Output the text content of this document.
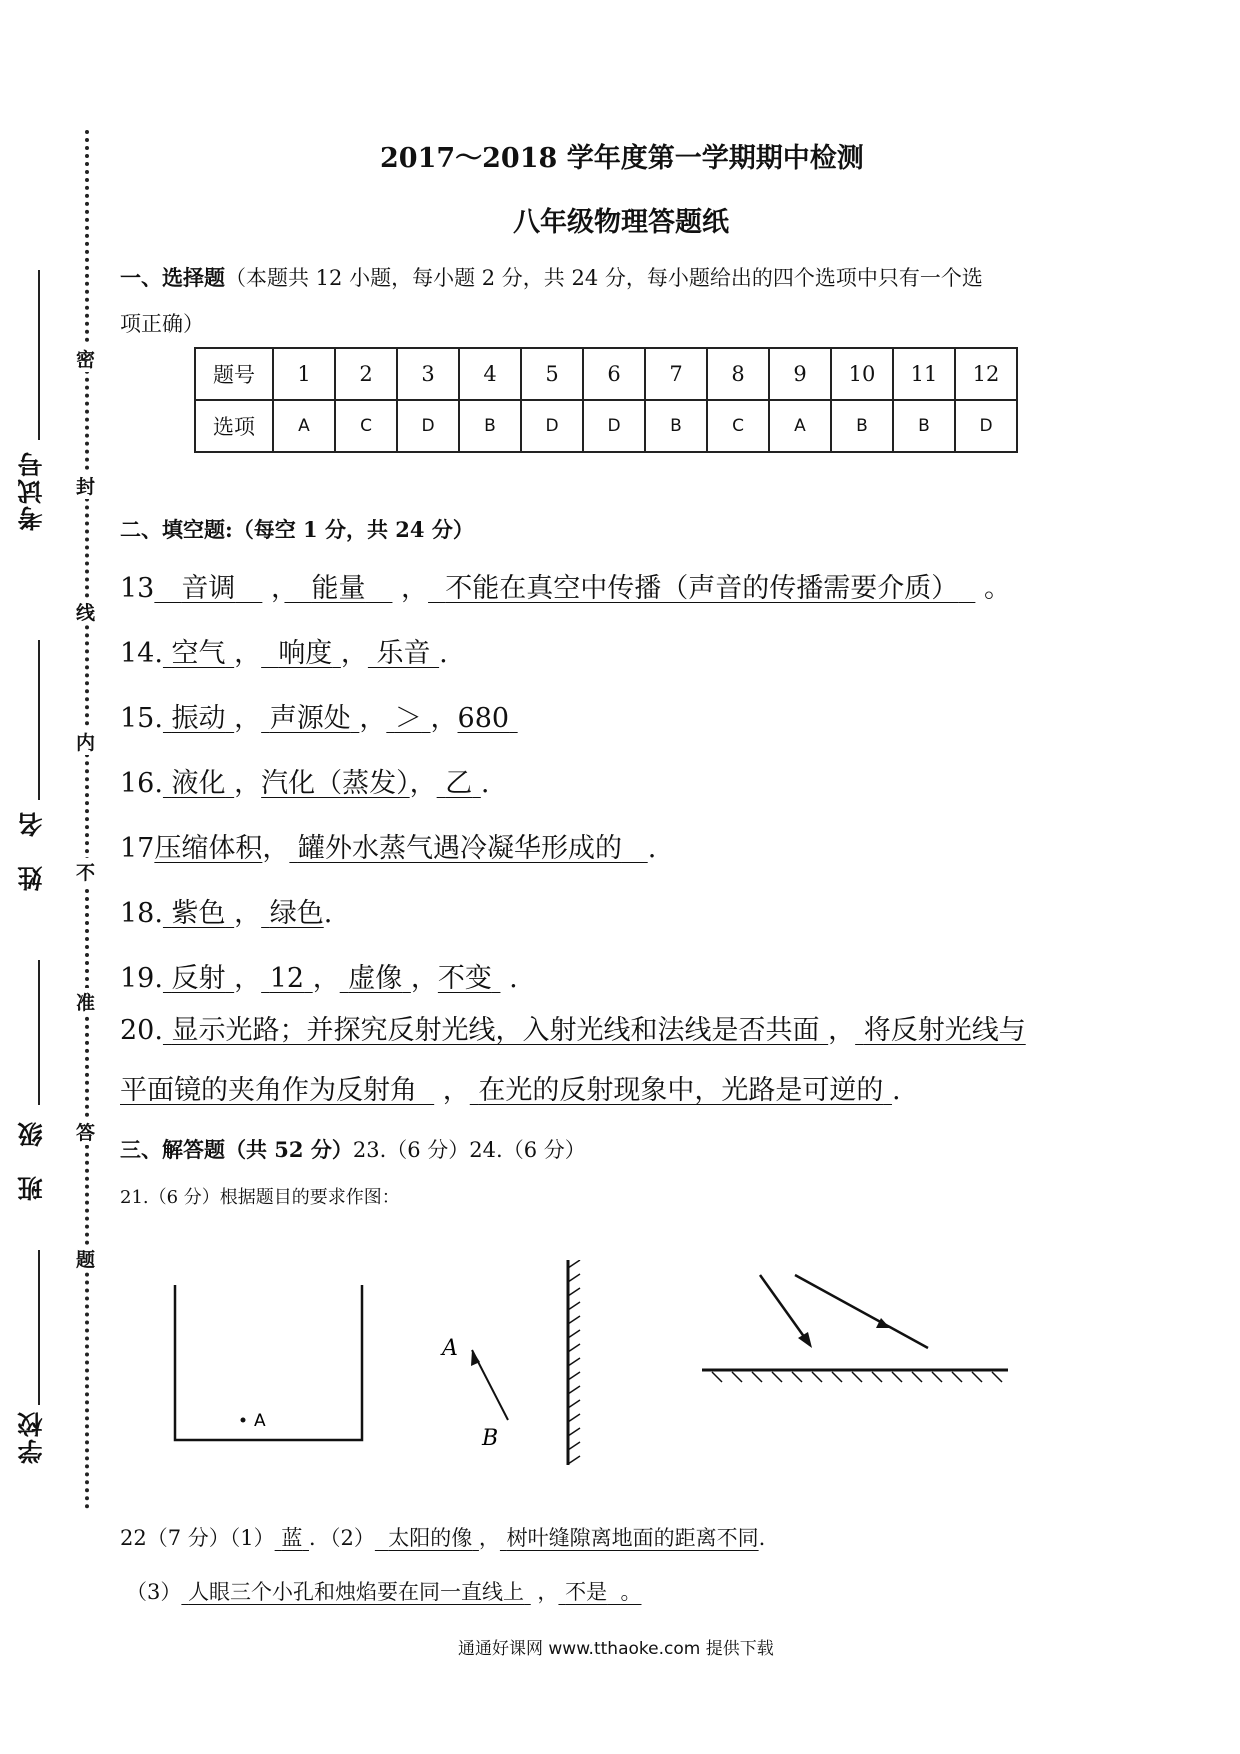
考试号
姓　名
班　级
学校
密
封
线
内
不
准
答
题
2017～2018 学年度第一学期期中检测
八年级物理答题纸
一、选择题（本题共 12 小题，每小题 2 分，共 24 分，每小题给出的四个选项中只有一个选
项正确）
题号	1	2	3	4	5	6	7	8	9	10	11	12
选项	A	C	D	B	D	D	B	C	A	B	B	D
二、填空题:（每空 1 分，共 24 分）
13　 音调　 ，　 能量　 ， 不能在真空中传播（声音的传播需要介质） 。
14. 空气 ， 响度 ， 乐音 .
15. 振动 ， 声源处 ， ＞ ，680
16. 液化 ，汽化（蒸发）， 乙 .
17压缩体积， 罐外水蒸气遇冷凝华形成的 .
18. 紫色 ， 绿色.
19. 反射 ， 12 ， 虚像 ，不变 .
20. 显示光路；并探究反射光线，入射光线和法线是否共面 ， 将反射光线与
平面镜的夹角作为反射角   ， 在光的反射现象中，光路是可逆的 .
三、解答题（共 52 分）23.（6 分）24.（6 分）
21.（6 分）根据题目的要求作图：
A
A
B
22（7 分）（1） 蓝 ．（2） 太阳的像 ， 树叶缝隙离地面的距离不同.
（3） 人眼三个小孔和烛焰要在同一直线上  ， 不是 。
通通好课网 www.tthaoke.com 提供下载
